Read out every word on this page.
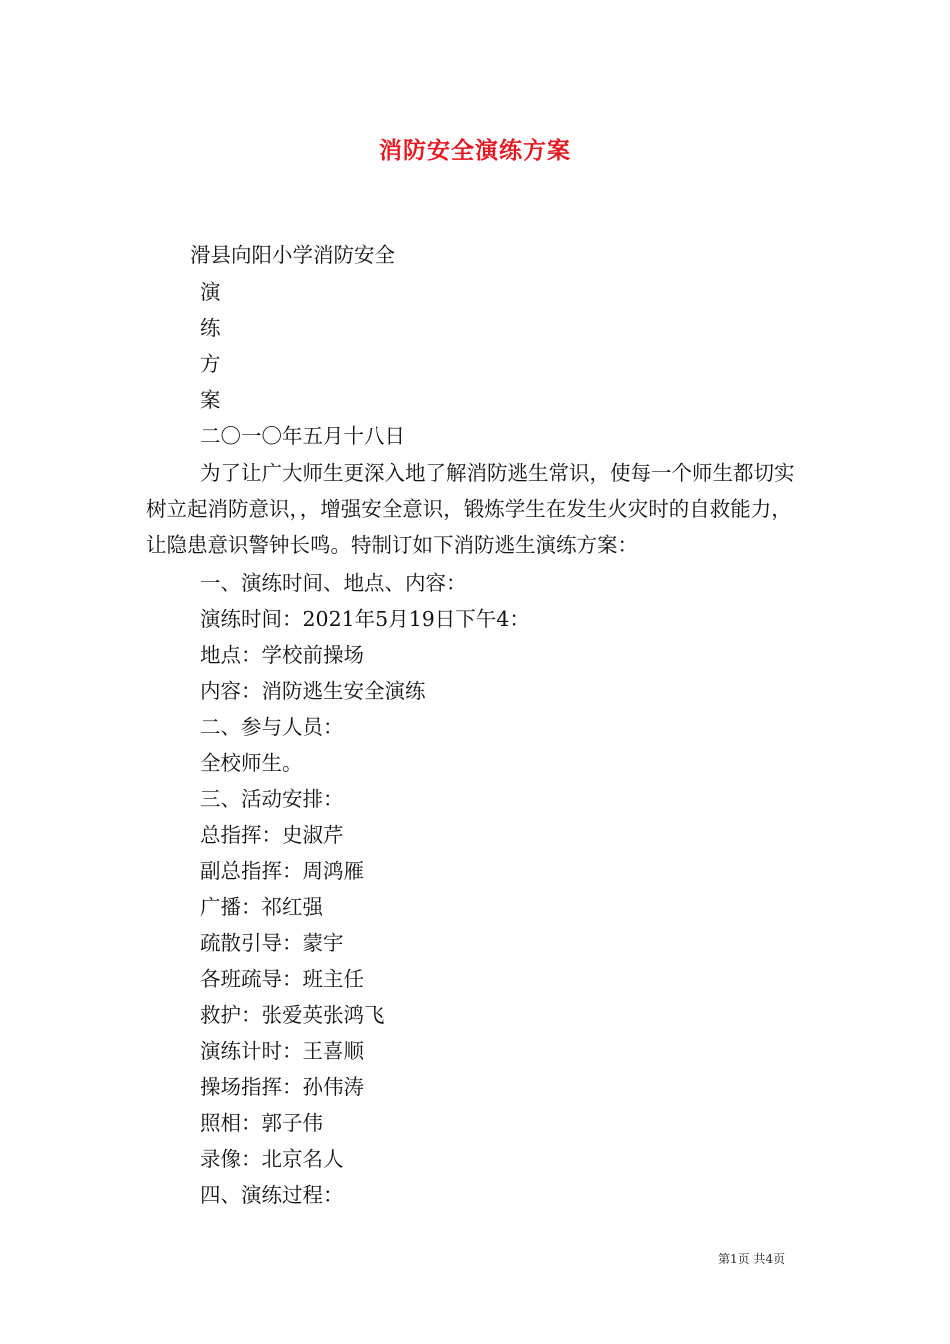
消防安全演练方案
滑县向阳小学消防安全
演
练
方
案
二〇一〇年五月十八日
为了让广大师生更深入地了解消防逃生常识，使每一个师生都切实树立起消防意识，，增强安全意识，锻炼学生在发生火灾时的自救能力，让隐患意识警钟长鸣。特制订如下消防逃生演练方案：
一、演练时间、地点、内容：
演练时间：2021年5月19日下午4：
地点：学校前操场
内容：消防逃生安全演练
二、参与人员：
全校师生。
三、活动安排：
总指挥：史淑芹
副总指挥：周鸿雁
广播：祁红强
疏散引导：蒙宇
各班疏导：班主任
救护：张爱英张鸿飞
演练计时：王喜顺
操场指挥：孙伟涛
照相：郭子伟
录像：北京名人
四、演练过程：
第1页 共4页
